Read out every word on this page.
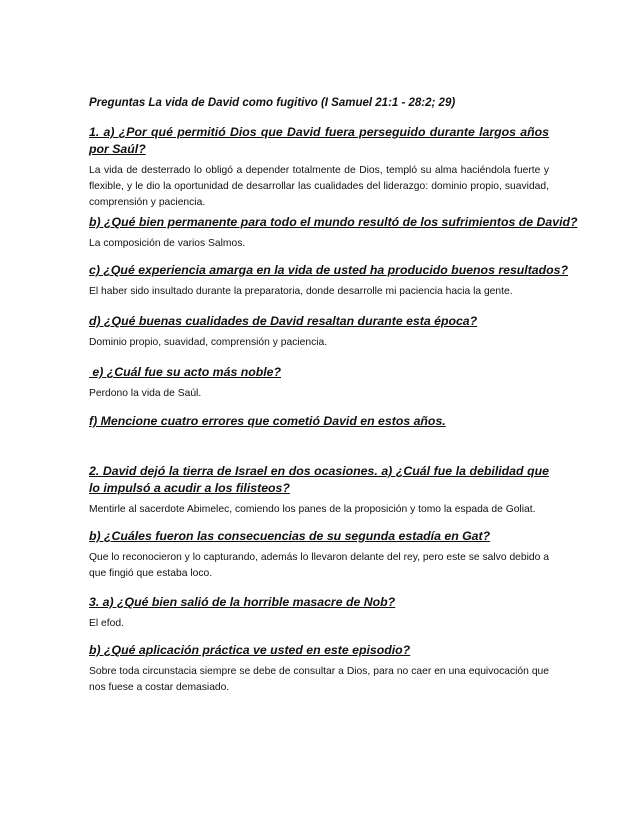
Preguntas La vida de David como fugitivo (I Samuel 21:1 - 28:2; 29)

1. a) ¿Por qué permitió Dios que David fuera perseguido durante largos años por Saúl?

La vida de desterrado lo obligó a depender totalmente de Dios, templó su alma haciéndola fuerte y flexible, y le dio la oportunidad de desarrollar las cualidades del liderazgo: dominio propio, suavidad, comprensión y paciencia.

b) ¿Qué bien permanente para todo el mundo resultó de los sufrimientos de David?

La composición de varios Salmos.

c) ¿Qué experiencia amarga en la vida de usted ha producido buenos resultados?

El haber sido insultado durante la preparatoria, donde desarrolle mi paciencia hacia la gente.

d) ¿Qué buenas cualidades de David resaltan durante esta época?

Dominio propio, suavidad, comprensión y paciencia.

e) ¿Cuál fue su acto más noble?

Perdono la vida de Saúl.

f) Mencione cuatro errores que cometió David en estos años.

2. David dejó la tierra de Israel en dos ocasiones. a) ¿Cuál fue la debilidad que lo impulsó a acudir a los filisteos?

Mentirle al sacerdote Abimelec, comiendo los panes de la proposición y tomo la espada de Goliat.

b) ¿Cuáles fueron las consecuencias de su segunda estadía en Gat?

Que lo reconocieron y lo capturando, además lo llevaron delante del rey, pero este se salvo debido a que fingió que estaba loco.

3. a) ¿Qué bien salió de la horrible masacre de Nob?

El efod.

b) ¿Qué aplicación práctica ve usted en este episodio?

Sobre toda circunstacia siempre se debe de consultar a Dios, para no caer en una equivocación que nos fuese a costar demasiado.
